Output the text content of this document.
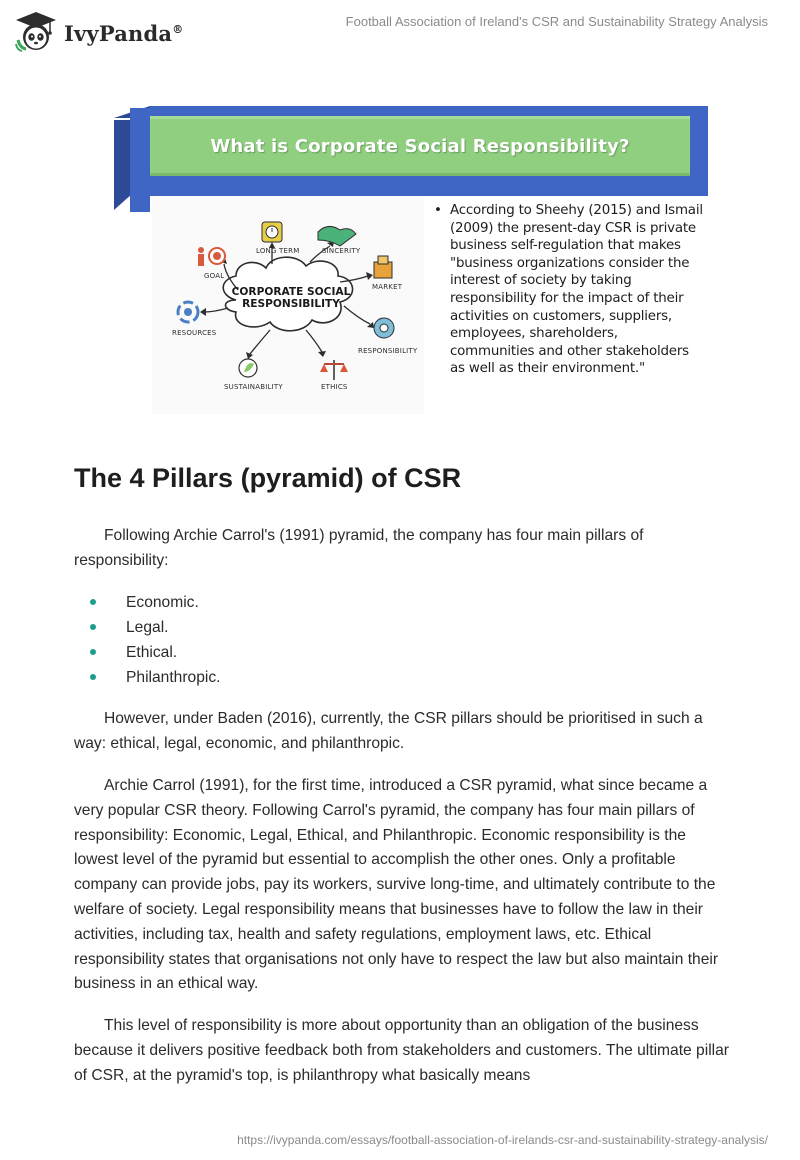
IvyPanda®
Football Association of Ireland's CSR and Sustainability Strategy Analysis
What is Corporate Social Responsibility?
CORPORATE SOCIAL RESPONSIBILITY
GOAL
LONG TERM	SINCERITY
MARKET
RESOURCES
RESPONSIBILITY
SUSTAINABILITY	ETHICS
• According to Sheehy (2015) and Ismail (2009) the present-day CSR is private business self-regulation that makes "business organizations consider the interest of society by taking responsibility for the impact of their activities on customers, suppliers, employees, shareholders, communities and other stakeholders as well as their environment."
The 4 Pillars (pyramid) of CSR

Following Archie Carrol's (1991) pyramid, the company has four main pillars of responsibility:

Economic.
Legal.
Ethical.
Philanthropic.

However, under Baden (2016), currently, the CSR pillars should be prioritised in such a way: ethical, legal, economic, and philanthropic.

Archie Carrol (1991), for the first time, introduced a CSR pyramid, what since became a very popular CSR theory. Following Carrol's pyramid, the company has four main pillars of responsibility: Economic, Legal, Ethical, and Philanthropic. Economic responsibility is the lowest level of the pyramid but essential to accomplish the other ones. Only a profitable company can provide jobs, pay its workers, survive long-time, and ultimately contribute to the welfare of society. Legal responsibility means that businesses have to follow the law in their activities, including tax, health and safety regulations, employment laws, etc. Ethical responsibility states that organisations not only have to respect the law but also maintain their business in an ethical way.

This level of responsibility is more about opportunity than an obligation of the business because it delivers positive feedback both from stakeholders and customers. The ultimate pillar of CSR, at the pyramid's top, is philanthropy what basically means

https://ivypanda.com/essays/football-association-of-irelands-csr-and-sustainability-strategy-analysis/
